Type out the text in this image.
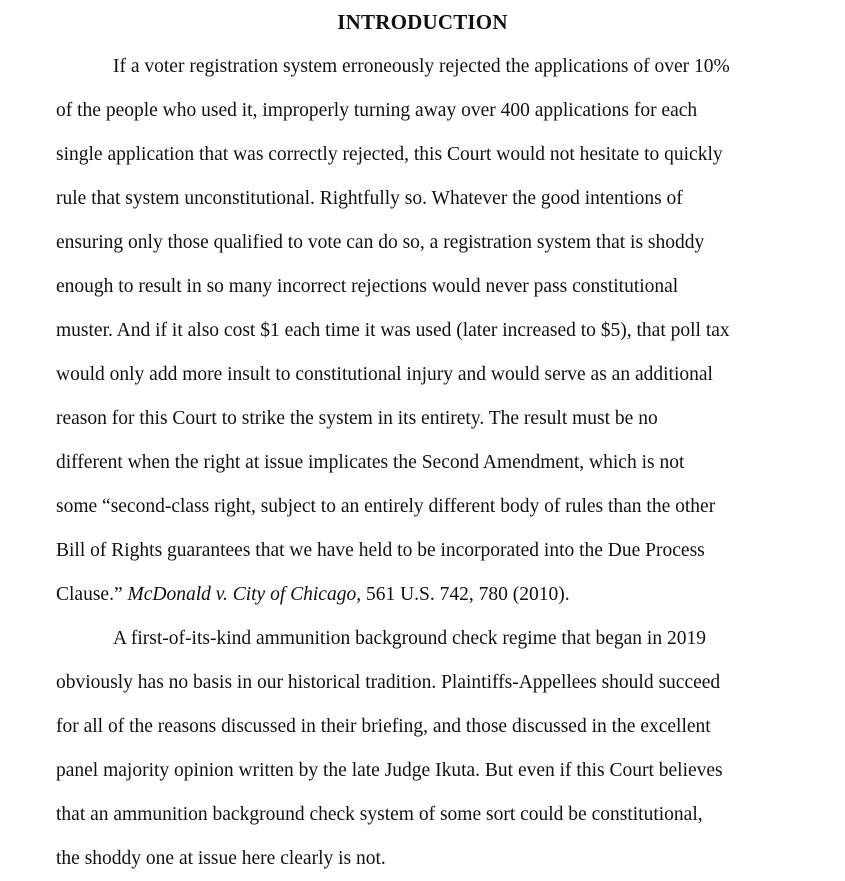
INTRODUCTION

If a voter registration system erroneously rejected the applications of over 10%

of the people who used it, improperly turning away over 400 applications for each

single application that was correctly rejected, this Court would not hesitate to quickly

rule that system unconstitutional. Rightfully so. Whatever the good intentions of

ensuring only those qualified to vote can do so, a registration system that is shoddy

enough to result in so many incorrect rejections would never pass constitutional

muster. And if it also cost $1 each time it was used (later increased to $5), that poll tax

would only add more insult to constitutional injury and would serve as an additional

reason for this Court to strike the system in its entirety. The result must be no

different when the right at issue implicates the Second Amendment, which is not

some “second-class right, subject to an entirely different body of rules than the other

Bill of Rights guarantees that we have held to be incorporated into the Due Process

Clause.” McDonald v. City of Chicago, 561 U.S. 742, 780 (2010).

A first-of-its-kind ammunition background check regime that began in 2019

obviously has no basis in our historical tradition. Plaintiffs-Appellees should succeed

for all of the reasons discussed in their briefing, and those discussed in the excellent

panel majority opinion written by the late Judge Ikuta. But even if this Court believes

that an ammunition background check system of some sort could be constitutional,

the shoddy one at issue here clearly is not.
